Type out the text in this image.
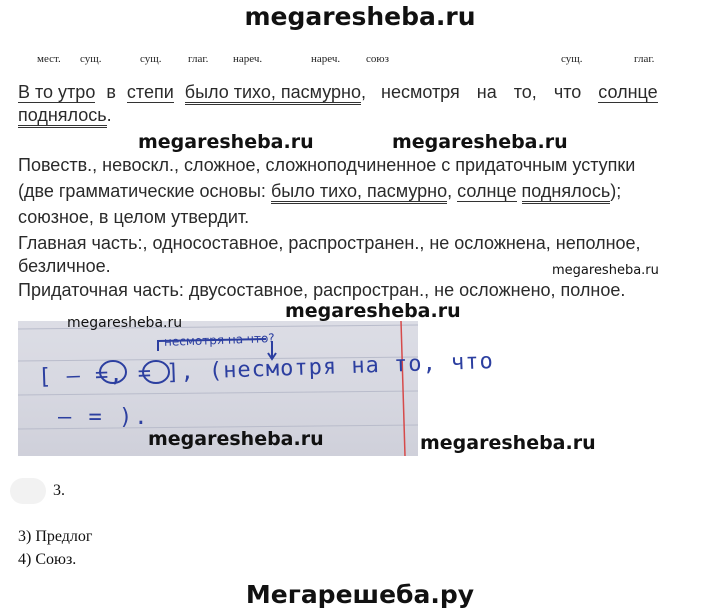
megaresheba.ru
мест. сущ.	сущ. глаг. нареч.	нареч. союз	сущ.	глаг.
В то утро в степи было тихо, пасмурно, несмотря на то, что солнце
поднялось.
megaresheba.ru	megaresheba.ru
Повеств., невоскл., сложное, сложноподчиненное с придаточным уступки
(две грамматические основы: было тихо, пасмурно, солнце поднялось);
союзное, в целом утвердит.
Главная часть:, односоставное, распространен., не осложнена, неполное,
безличное.	megaresheba.ru
Придаточная часть: двусоставное, распростран., не осложнено, полное.
megaresheba.ru
несмотря на что?
[ — =, = ], (несмотря на то, что
— = ).
megaresheba.ru
megaresheba.ru
megaresheba.ru
3.
3) Предлог
4) Союз.
Мегарешеба.ру
